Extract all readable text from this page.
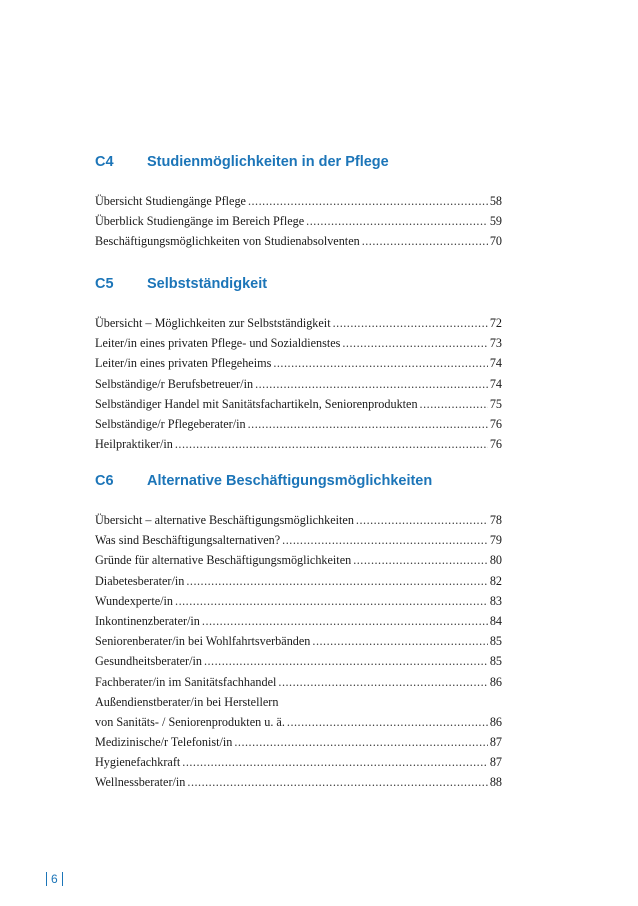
C4	Studienmöglichkeiten in der Pflege
Übersicht Studiengänge Pflege .....	58
Überblick Studiengänge im Bereich Pflege .....	59
Beschäftigungsmöglichkeiten von Studienabsolventen .....	70
C5	Selbstständigkeit
Übersicht – Möglichkeiten zur Selbstständigkeit .....	72
Leiter/in eines privaten Pflege- und Sozialdienstes .....	73
Leiter/in eines privaten Pflegeheims .....	74
Selbständige/r Berufsbetreuer/in .....	74
Selbständiger Handel mit Sanitätsfachartikeln, Seniorenprodukten .....	75
Selbständige/r Pflegeberater/in .....	76
Heilpraktiker/in .....	76
C6	Alternative Beschäftigungsmöglichkeiten
Übersicht – alternative Beschäftigungsmöglichkeiten .....	78
Was sind Beschäftigungsalternativen? .....	79
Gründe für alternative Beschäftigungsmöglichkeiten .....	80
Diabetesberater/in .....	82
Wundexperte/in .....	83
Inkontinenzberater/in .....	84
Seniorenberater/in bei Wohlfahrtsverbänden .....	85
Gesundheitsberater/in .....	85
Fachberater/in im Sanitätsfachhandel .....	86
Außendienstberater/in bei Herstellern
von Sanitäts- / Seniorenprodukten u. ä. .....	86
Medizinische/r Telefonist/in .....	87
Hygienefachkraft .....	87
Wellnessberater/in .....	88
6
